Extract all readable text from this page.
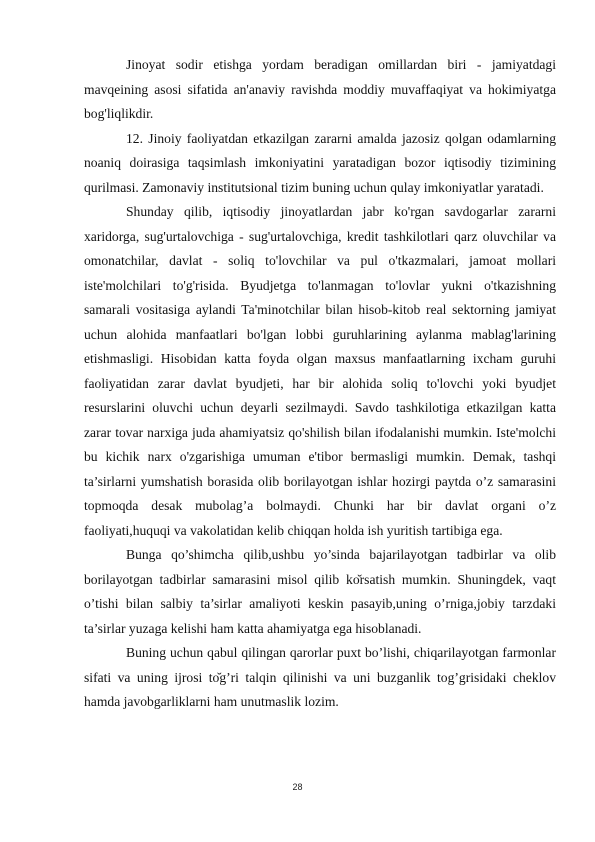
Jinoyat sodir etishga yordam beradigan omillardan biri - jamiyatdagi mavqeining asosi sifatida an'anaviy ravishda moddiy muvaffaqiyat va hokimiyatga bog'liqlikdir.

12. Jinoiy faoliyatdan etkazilgan zararni amalda jazosiz qolgan odamlarning noaniq doirasiga taqsimlash imkoniyatini yaratadigan bozor iqtisodiy tizimining qurilmasi. Zamonaviy institutsional tizim buning uchun qulay imkoniyatlar yaratadi.

Shunday qilib, iqtisodiy jinoyatlardan jabr ko'rgan savdogarlar zararni xaridorga, sug'urtalovchiga - sug'urtalovchiga, kredit tashkilotlari qarz oluvchilar va omonatchilar, davlat - soliq to'lovchilar va pul o'tkazmalari, jamoat mollari iste'molchilari to'g'risida. Byudjetga to'lanmagan to'lovlar yukni o'tkazishning samarali vositasiga aylandi Ta'minotchilar bilan hisob-kitob real sektorning jamiyat uchun alohida manfaatlari bo'lgan lobbi guruhlarining aylanma mablag'larining etishmasligi. Hisobidan katta foyda olgan maxsus manfaatlarning ixcham guruhi faoliyatidan zarar davlat byudjeti, har bir alohida soliq to'lovchi yoki byudjet resurslarini oluvchi uchun deyarli sezilmaydi. Savdo tashkilotiga etkazilgan katta zarar tovar narxiga juda ahamiyatsiz qo'shilish bilan ifodalanishi mumkin. Iste'molchi bu kichik narx o'zgarishiga umuman e'tibor bermasligi mumkin. Demak, tashqi ta’sirlarni yumshatish borasida olib borilayotgan ishlar hozirgi paytda o’z samarasini topmoqda desak mubolag’a bolmaydi. Chunki har bir davlat organi o’z faoliyati,huquqi va vakolatidan kelib chiqqan holda ish yuritish tartibiga ega.

Bunga qo’shimcha qilib,ushbu yo’sinda bajarilayotgan tadbirlar va olib borilayotgan tadbirlar samarasini misol qilib kо̆rsatish mumkin. Shuningdek, vaqt o’tishi bilan salbiy ta’sirlar amaliyoti keskin pasayib,uning o’rniga,jobiy tarzdaki ta’sirlar yuzaga kelishi ham katta ahamiyatga ega hisoblanadi.

Buning uchun qabul qilingan qarorlar puxt bo’lishi, chiqarilayotgan farmonlar sifati va uning ijrosi tо̆g’ri talqin qilinishi va uni buzganlik tog’grisidaki cheklov hamda javobgarliklarni ham unutmaslik lozim.

28
